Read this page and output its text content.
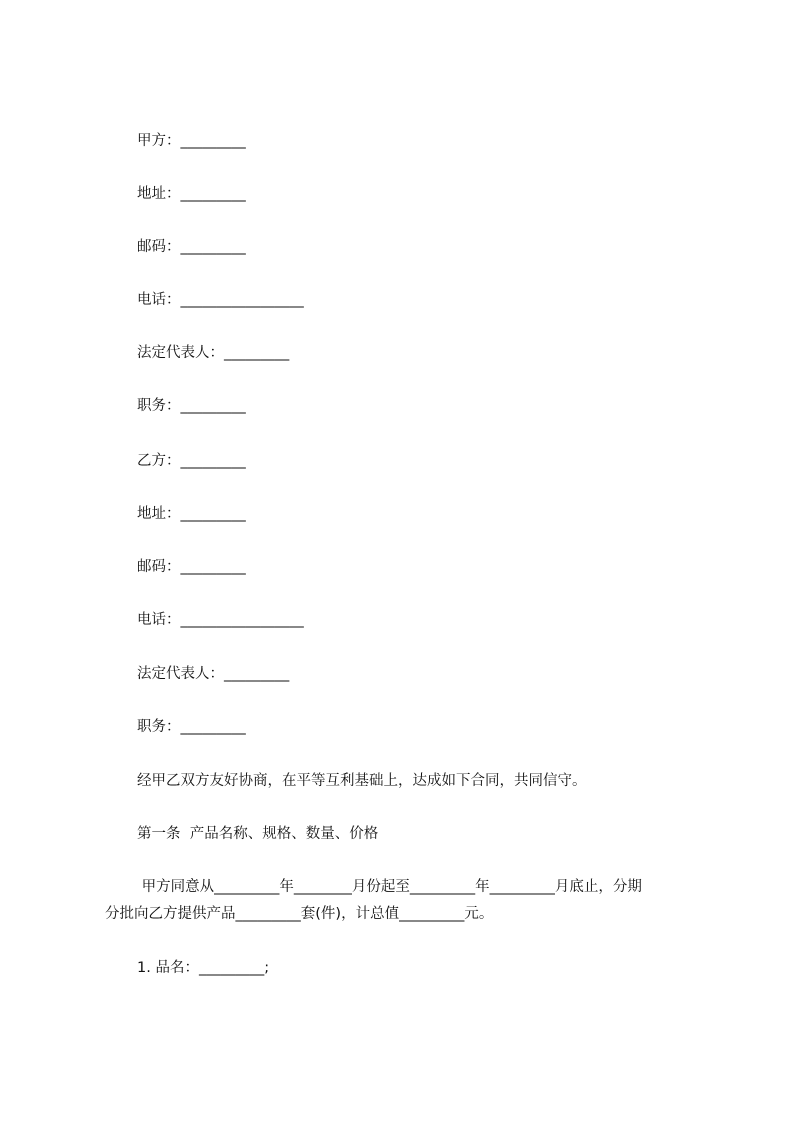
甲方：_________
地址：_________
邮码：_________
电话：_________________
法定代表人：_________
职务：_________
乙方：_________
地址：_________
邮码：_________
电话：_________________
法定代表人：_________
职务：_________
经甲乙双方友好协商，在平等互利基础上，达成如下合同，共同信守。
第一条  产品名称、规格、数量、价格
甲方同意从_________年________月份起至_________年_________月底止，分期
分批向乙方提供产品_________套(件)，计总值_________元。
1. 品名：_________;
